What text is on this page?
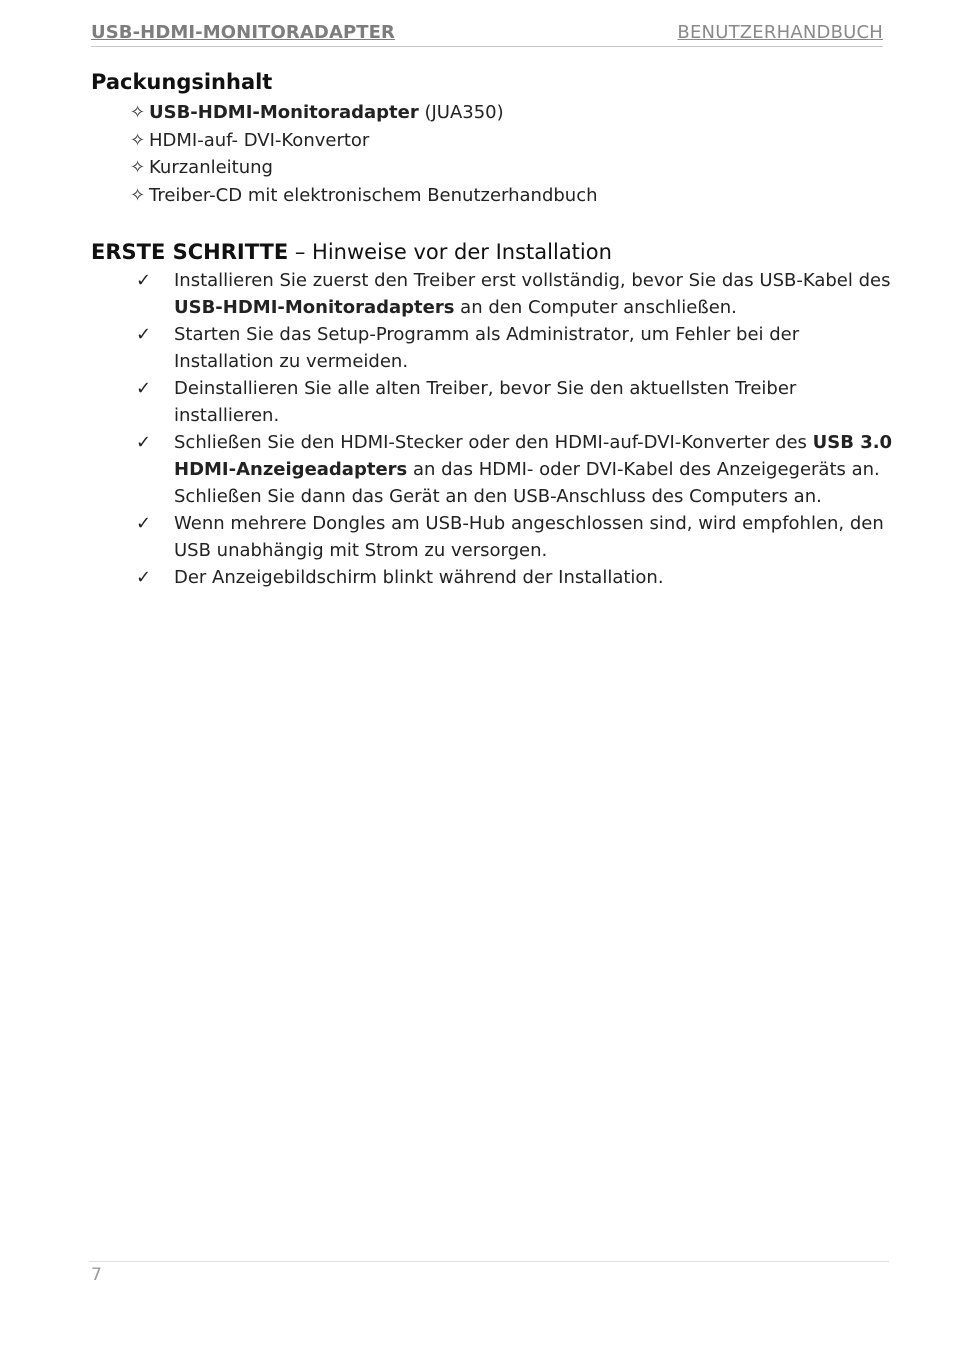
USB-HDMI-MONITORADAPTER	BENUTZERHANDBUCH
Packungsinhalt
✧ USB-HDMI-Monitoradapter (JUA350)
✧ HDMI-auf- DVI-Konvertor
✧ Kurzanleitung
✧ Treiber-CD mit elektronischem Benutzerhandbuch
ERSTE SCHRITTE – Hinweise vor der Installation
✓ Installieren Sie zuerst den Treiber erst vollständig, bevor Sie das USB-Kabel des USB-HDMI-Monitoradapters an den Computer anschließen.
✓ Starten Sie das Setup-Programm als Administrator, um Fehler bei der Installation zu vermeiden.
✓ Deinstallieren Sie alle alten Treiber, bevor Sie den aktuellsten Treiber installieren.
✓ Schließen Sie den HDMI-Stecker oder den HDMI-auf-DVI-Konverter des USB 3.0 HDMI-Anzeigeadapters an das HDMI- oder DVI-Kabel des Anzeigegeräts an. Schließen Sie dann das Gerät an den USB-Anschluss des Computers an.
✓ Wenn mehrere Dongles am USB-Hub angeschlossen sind, wird empfohlen, den USB unabhängig mit Strom zu versorgen.
✓ Der Anzeigebildschirm blinkt während der Installation.
7
